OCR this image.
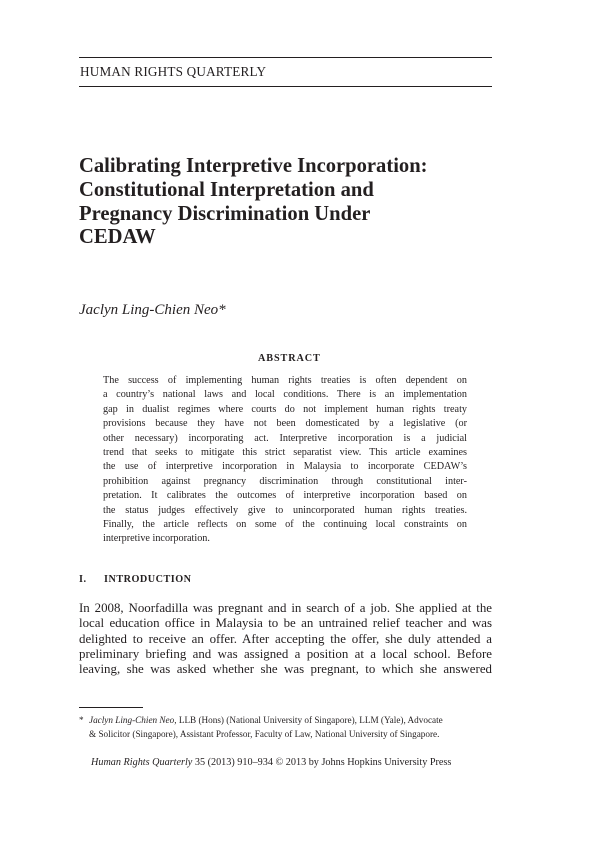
HUMAN RIGHTS QUARTERLY
Calibrating Interpretive Incorporation:
Constitutional Interpretation and
Pregnancy Discrimination Under
CEDAW
Jaclyn Ling-Chien Neo*
ABSTRACT
The success of implementing human rights treaties is often dependent on
a country’s national laws and local conditions. There is an implementation
gap in dualist regimes where courts do not implement human rights treaty
provisions because they have not been domesticated by a legislative (or
other necessary) incorporating act. Interpretive incorporation is a judicial
trend that seeks to mitigate this strict separatist view. This article examines
the use of interpretive incorporation in Malaysia to incorporate CEDAW’s
prohibition against pregnancy discrimination through constitutional inter-
pretation. It calibrates the outcomes of interpretive incorporation based on
the status judges effectively give to unincorporated human rights treaties.
Finally, the article reflects on some of the continuing local constraints on
interpretive incorporation.
I. INTRODUCTION
In 2008, Noorfadilla was pregnant and in search of a job. She applied at the
local education office in Malaysia to be an untrained relief teacher and was
delighted to receive an offer. After accepting the offer, she duly attended a
preliminary briefing and was assigned a position at a local school. Before
leaving, she was asked whether she was pregnant, to which she answered
* Jaclyn Ling-Chien Neo, LLB (Hons) (National University of Singapore), LLM (Yale), Advocate
& Solicitor (Singapore), Assistant Professor, Faculty of Law, National University of Singapore.
Human Rights Quarterly 35 (2013) 910–934 © 2013 by Johns Hopkins University Press
